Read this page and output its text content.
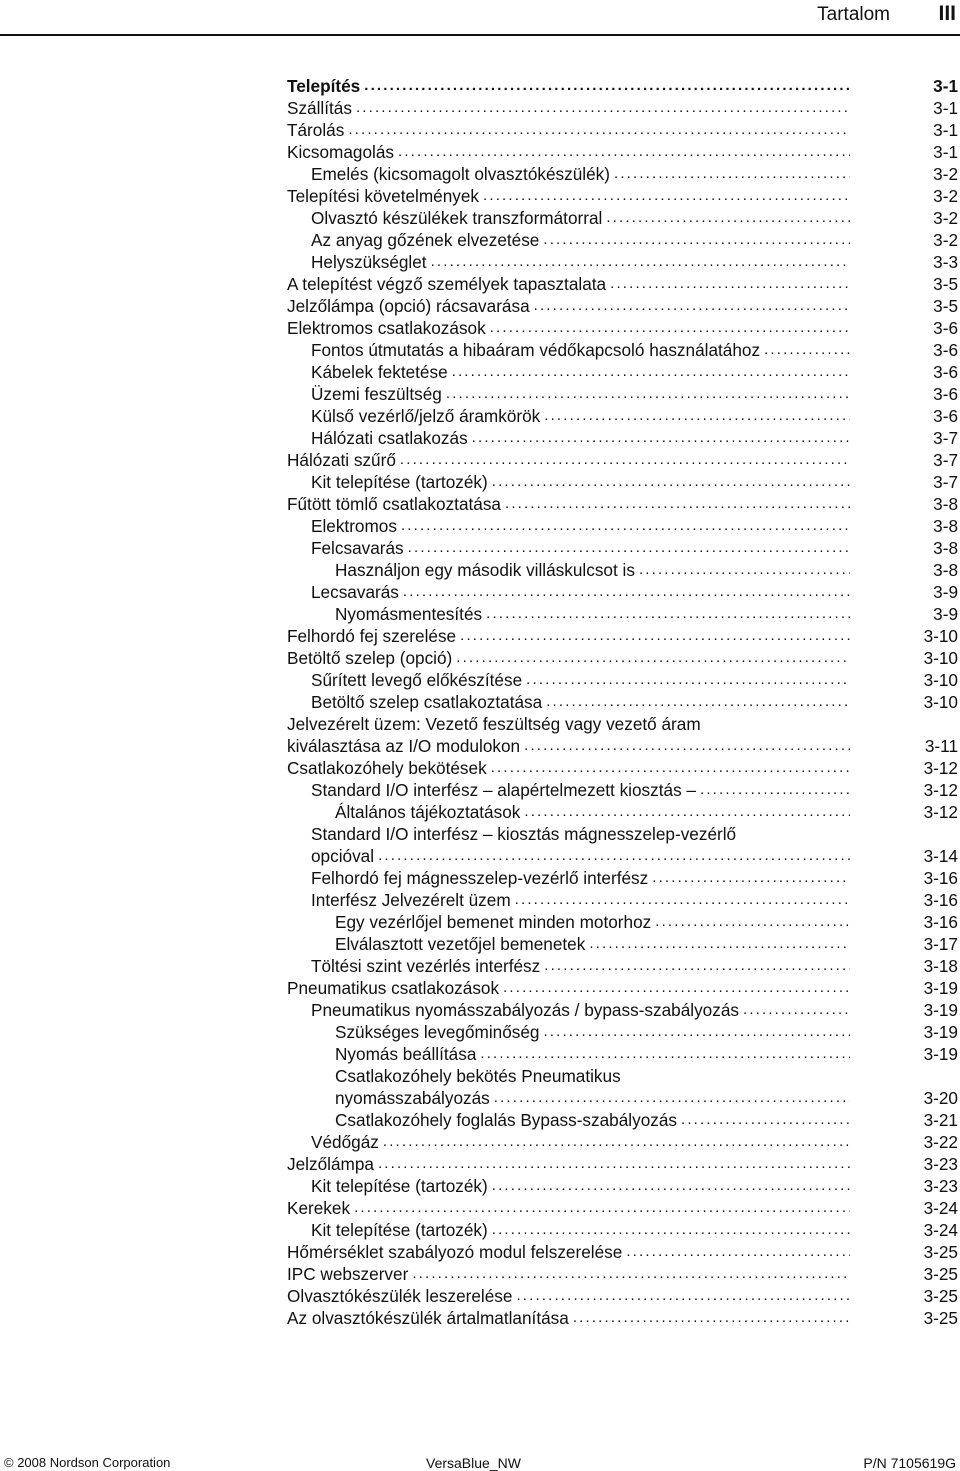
Tartalom III
Telepítés . . .	3-1
Szállítás . . .	3-1
Tárolás . . .	3-1
Kicsomagolás . . .	3-1
Emelés (kicsomagolt olvasztókészülék) . . .	3-2
Telepítési követelmények . . .	3-2
Olvasztó készülékek transzformátorral . . .	3-2
Az anyag gőzének elvezetése . . .	3-2
Helyszükséglet . . .	3-3
A telepítést végző személyek tapasztalata . . .	3-5
Jelzőlámpa (opció) rácsavarása . . .	3-5
Elektromos csatlakozások . . .	3-6
Fontos útmutatás a hibaáram védőkapcsoló használatához . . .	3-6
Kábelek fektetése . . .	3-6
Üzemi feszültség . . .	3-6
Külső vezérlő/jelző áramkörök . . .	3-6
Hálózati csatlakozás . . .	3-7
Hálózati szűrő . . .	3-7
Kit telepítése (tartozék) . . .	3-7
Fűtött tömlő csatlakoztatása . . .	3-8
Elektromos . . .	3-8
Felcsavarás . . .	3-8
Használjon egy második villáskulcsot is . . .	3-8
Lecsavarás . . .	3-9
Nyomásmentesítés . . .	3-9
Felhordó fej szerelése . . .	3-10
Betöltő szelep (opció) . . .	3-10
Sűrített levegő előkészítése . . .	3-10
Betöltő szelep csatlakoztatása . . .	3-10
Jelvezérelt üzem: Vezető feszültség vagy vezető áram
kiválasztása az I/O modulokon . . .	3-11
Csatlakozóhely bekötések . . .	3-12
Standard I/O interfész – alapértelmezett kiosztás – . . .	3-12
Általános tájékoztatások . . .	3-12
Standard I/O interfész – kiosztás mágnesszelep-vezérlő
opcióval . . .	3-14
Felhordó fej mágnesszelep-vezérlő interfész . . .	3-16
Interfész Jelvezérelt üzem . . .	3-16
Egy vezérlőjel bemenet minden motorhoz . . .	3-16
Elválasztott vezetőjel bemenetek . . .	3-17
Töltési szint vezérlés interfész . . .	3-18
Pneumatikus csatlakozások . . .	3-19
Pneumatikus nyomásszabályozás / bypass-szabályozás . . .	3-19
Szükséges levegőminőség . . .	3-19
Nyomás beállítása . . .	3-19
Csatlakozóhely bekötés Pneumatikus
nyomásszabályozás . . .	3-20
Csatlakozóhely foglalás Bypass-szabályozás . . .	3-21
Védőgáz . . .	3-22
Jelzőlámpa . . .	3-23
Kit telepítése (tartozék) . . .	3-23
Kerekek . . .	3-24
Kit telepítése (tartozék) . . .	3-24
Hőmérséklet szabályozó modul felszerelése . . .	3-25
IPC webszerver . . .	3-25
Olvasztókészülék leszerelése . . .	3-25
Az olvasztókészülék ártalmatlanítása . . .	3-25
© 2008 Nordson Corporation	VersaBlue_NW	P/N 7105619G
